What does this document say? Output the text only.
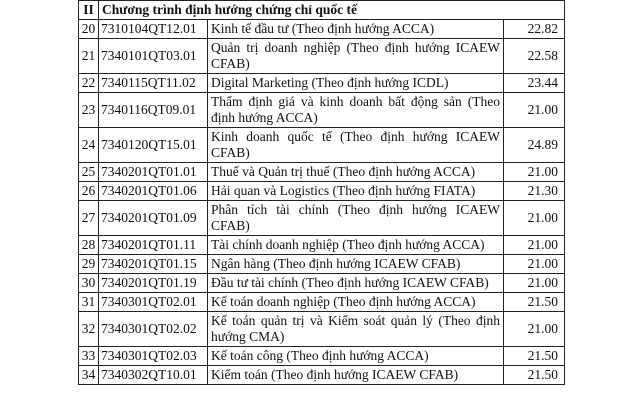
II	Chương trình định hướng chứng chỉ quốc tế		
20	7310104QT12.01	Kinh tế đầu tư (Theo định hướng ACCA)	22.82
21	7340101QT03.01	Quản trị doanh nghiệp (Theo định hướng ICAEW CFAB)	22.58
22	7340115QT11.02	Digital Marketing (Theo định hướng ICDL)	23.44
23	7340116QT09.01	Thẩm định giá và kinh doanh bất động sản (Theo định hướng ACCA)	21.00
24	7340120QT15.01	Kinh doanh quốc tế (Theo định hướng ICAEW CFAB)	24.89
25	7340201QT01.01	Thuế và Quản trị thuế (Theo định hướng ACCA)	21.00
26	7340201QT01.06	Hải quan và Logistics (Theo định hướng FIATA)	21.30
27	7340201QT01.09	Phân tích tài chính (Theo định hướng ICAEW CFAB)	21.00
28	7340201QT01.11	Tài chính doanh nghiệp (Theo định hướng ACCA)	21.00
29	7340201QT01.15	Ngân hàng (Theo định hướng ICAEW CFAB)	21.00
30	7340201QT01.19	Đầu tư tài chính (Theo định hướng ICAEW CFAB)	21.00
31	7340301QT02.01	Kế toán doanh nghiệp (Theo định hướng ACCA)	21.50
32	7340301QT02.02	Kế toán quản trị và Kiểm soát quản lý (Theo định hướng CMA)	21.00
33	7340301QT02.03	Kế toán công (Theo định hướng ACCA)	21.50
34	7340302QT10.01	Kiểm toán (Theo định hướng ICAEW CFAB)	21.50
